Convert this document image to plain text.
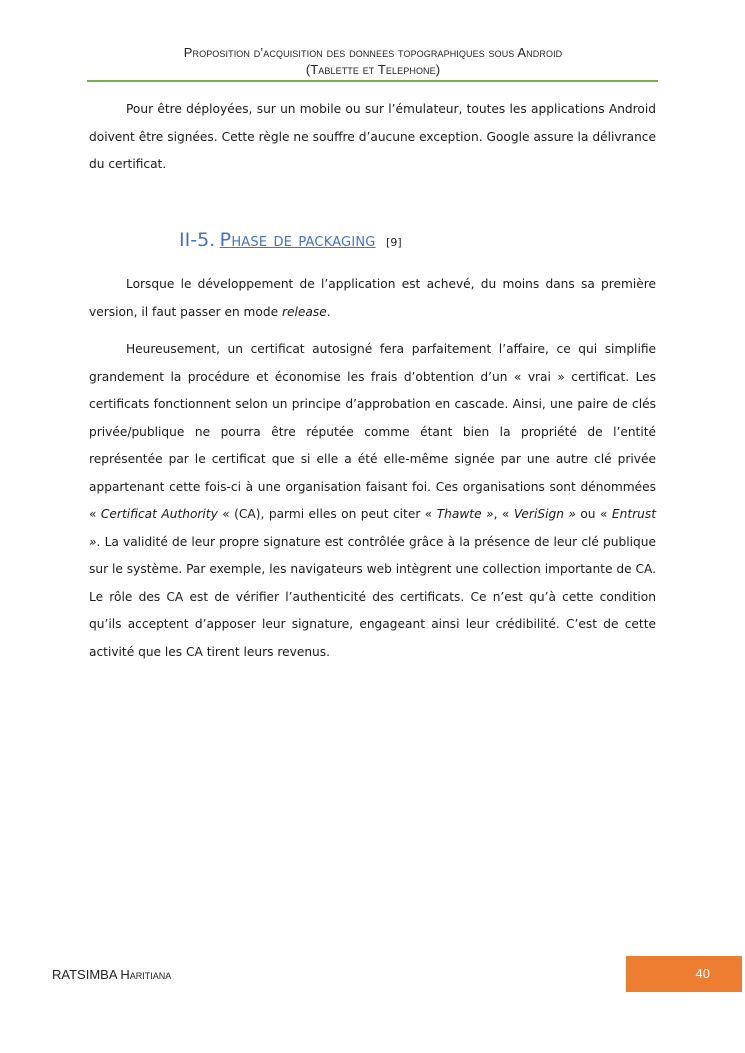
Proposition d’acquisition des donnees topographiques sous Android
(Tablette et Telephone)

Pour être déployées, sur un mobile ou sur l’émulateur, toutes les applications Android doivent être signées. Cette règle ne souffre d’aucune exception. Google assure la délivrance du certificat.

II-5. Phase de packaging [9]

Lorsque le développement de l’application est achevé, du moins dans sa première version, il faut passer en mode release.

Heureusement, un certificat autosigné fera parfaitement l’affaire, ce qui simplifie grandement la procédure et économise les frais d’obtention d’un « vrai » certificat. Les certificats fonctionnent selon un principe d’approbation en cascade. Ainsi, une paire de clés privée/publique ne pourra être réputée comme étant bien la propriété de l’entité représentée par le certificat que si elle a été elle-même signée par une autre clé privée appartenant cette fois-ci à une organisation faisant foi. Ces organisations sont dénommées « Certificat Authority « (CA), parmi elles on peut citer « Thawte », « VeriSign » ou « Entrust ». La validité de leur propre signature est contrôlée grâce à la présence de leur clé publique sur le système. Par exemple, les navigateurs web intègrent une collection importante de CA. Le rôle des CA est de vérifier l’authenticité des certificats. Ce n’est qu’à cette condition qu’ils acceptent d’apposer leur signature, engageant ainsi leur crédibilité. C’est de cette activité que les CA tirent leurs revenus.

RATSIMBA Haritiana	40
